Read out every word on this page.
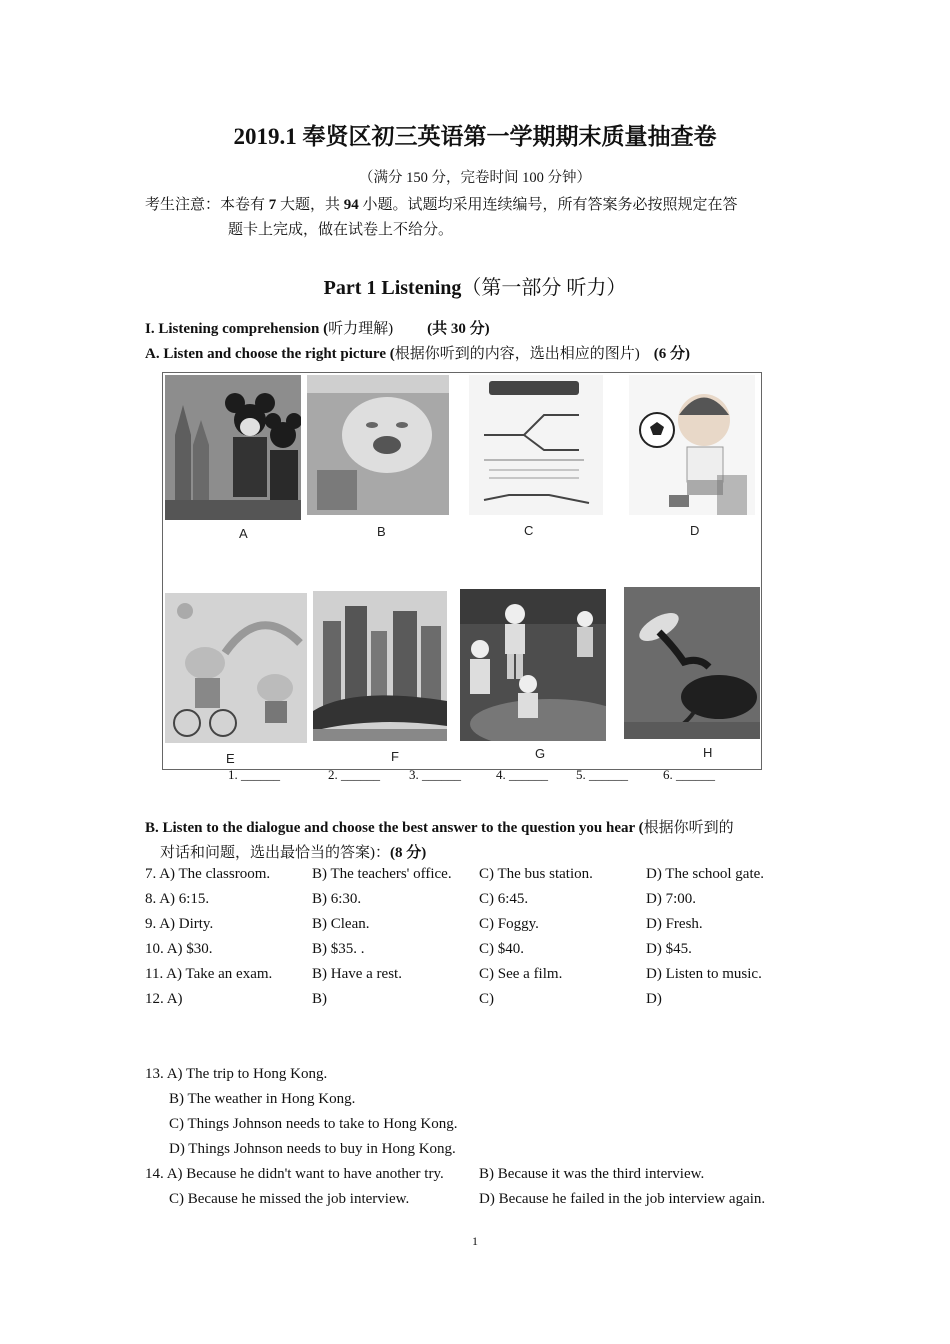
2019.1 奉贤区初三英语第一学期期末质量抽查卷
（满分 150 分，完卷时间 100 分钟）
考生注意：本卷有 7 大题，共 94 小题。试题均采用连续编号，所有答案务必按照规定在答
题卡上完成，做在试卷上不给分。
Part 1 Listening（第一部分 听力）
I. Listening comprehension (听力理解) (共 30 分)
A. Listen and choose the right picture (根据你听到的内容，选出相应的图片) (6 分)
A	B	C	D
E	F	G	H
1. ______	2. ______ 3. ______	4. ______ 5. ______	6. ______
B. Listen to the dialogue and choose the best answer to the question you hear (根据你听到的
对话和问题，选出最恰当的答案)：(8 分)
7. A) The classroom.	B) The teachers' office. C) The bus station.	D) The school gate.
8. A) 6:15.	B) 6:30.	C) 6:45.	D) 7:00.
9. A) Dirty.	B) Clean.	C) Foggy.	D) Fresh.
10. A) $30.	B) $35. .	C) $40.	D) $45.
11. A) Take an exam.	B) Have a rest.	C) See a film.	D) Listen to music.
12. A)	B)	C)	D)
13. A) The trip to Hong Kong.
B) The weather in Hong Kong.
C) Things Johnson needs to take to Hong Kong.
D) Things Johnson needs to buy in Hong Kong.
14. A) Because he didn't want to have another try. B) Because it was the third interview.
C) Because he missed the job interview.	D) Because he failed in the job interview again.
1
